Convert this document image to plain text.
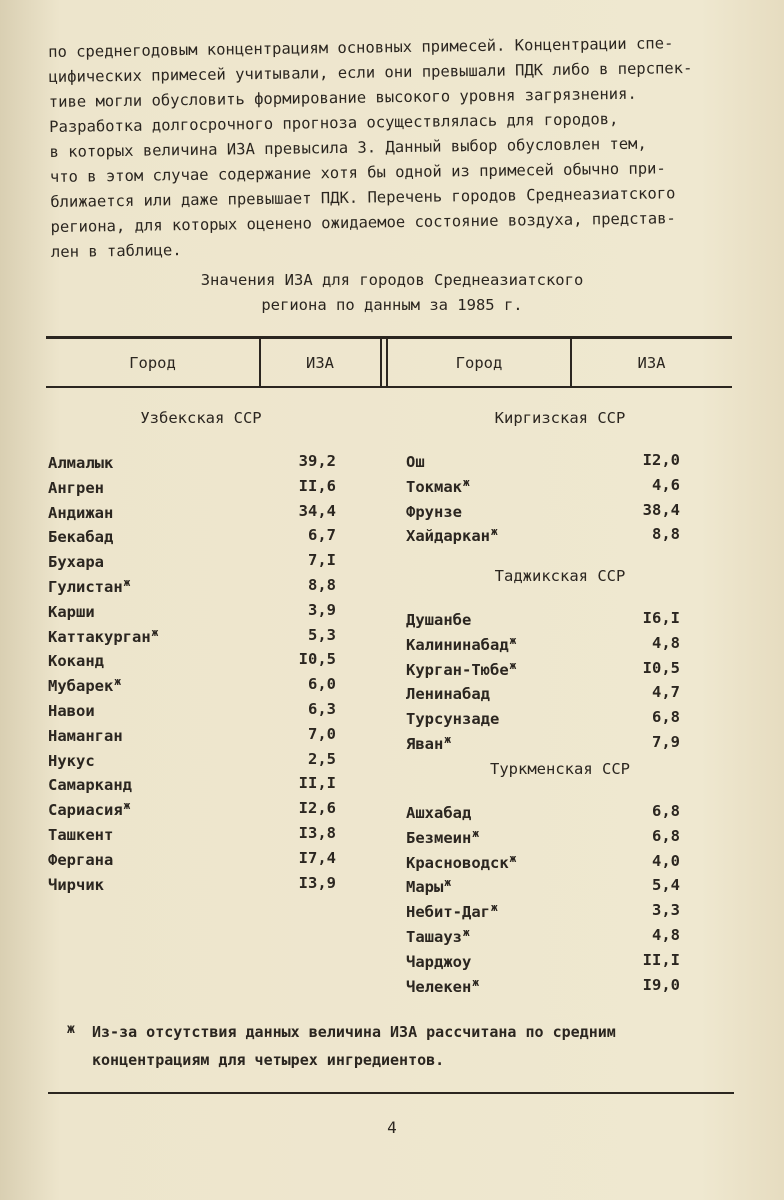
по среднегодовым концентрациям основных примесей. Концентрации спе-
цифических примесей учитывали, если они превышали ПДК либо в перспек-
тиве могли обусловить формирование высокого уровня загрязнения.
Разработка долгосрочного прогноза осуществлялась для городов,
в которых величина ИЗА превысила 3. Данный выбор обусловлен тем,
что в этом случае содержание хотя бы одной из примесей обычно при-
ближается или даже превышает ПДК. Перечень городов Среднеазиатского
региона, для которых оценено ожидаемое состояние воздуха, представ-
лен в таблице.

Значения ИЗА для городов Среднеазиатского
региона по данным за 1985 г.
Город	ИЗА	Город	ИЗА
Узбекская ССР
Алмалык	39,2
Ангрен	II,6
Андижан	34,4
Бекабад	6,7
Бухара	7,I
Гулистан$^ж$	8,8
Карши	3,9
Каттакурган$^ж$	5,3
Коканд	I0,5
Мубарек$^ж$	6,0
Навои	6,3
Наманган	7,0
Нукус	2,5
Самарканд	II,I
Сариасия$^ж$	I2,6
Ташкент	I3,8
Фергана	I7,4
Чирчик	I3,9
Киргизская ССР
Ош	I2,0
Токмак$^ж$	4,6
Фрунзе	38,4
Хайдаркан$^ж$	8,8
Таджикская ССР
Душанбе	I6,I
Калининабад$^ж$	4,8
Курган-Тюбе$^ж$	I0,5
Ленинабад	4,7
Турсунзаде	6,8
Яван$^ж$	7,9
Туркменская ССР
Ашхабад	6,8
Безмеин$^ж$	6,8
Красноводск$^ж$	4,0
Мары$^ж$	5,4
Небит-Даг$^ж$	3,3
Ташауз$^ж$	4,8
Чарджоу	II,I
Челекен$^ж$	I9,0
ж Из-за отсутствия данных величина ИЗА рассчитана по средним
концентрациям для четырех ингредиентов.
4
